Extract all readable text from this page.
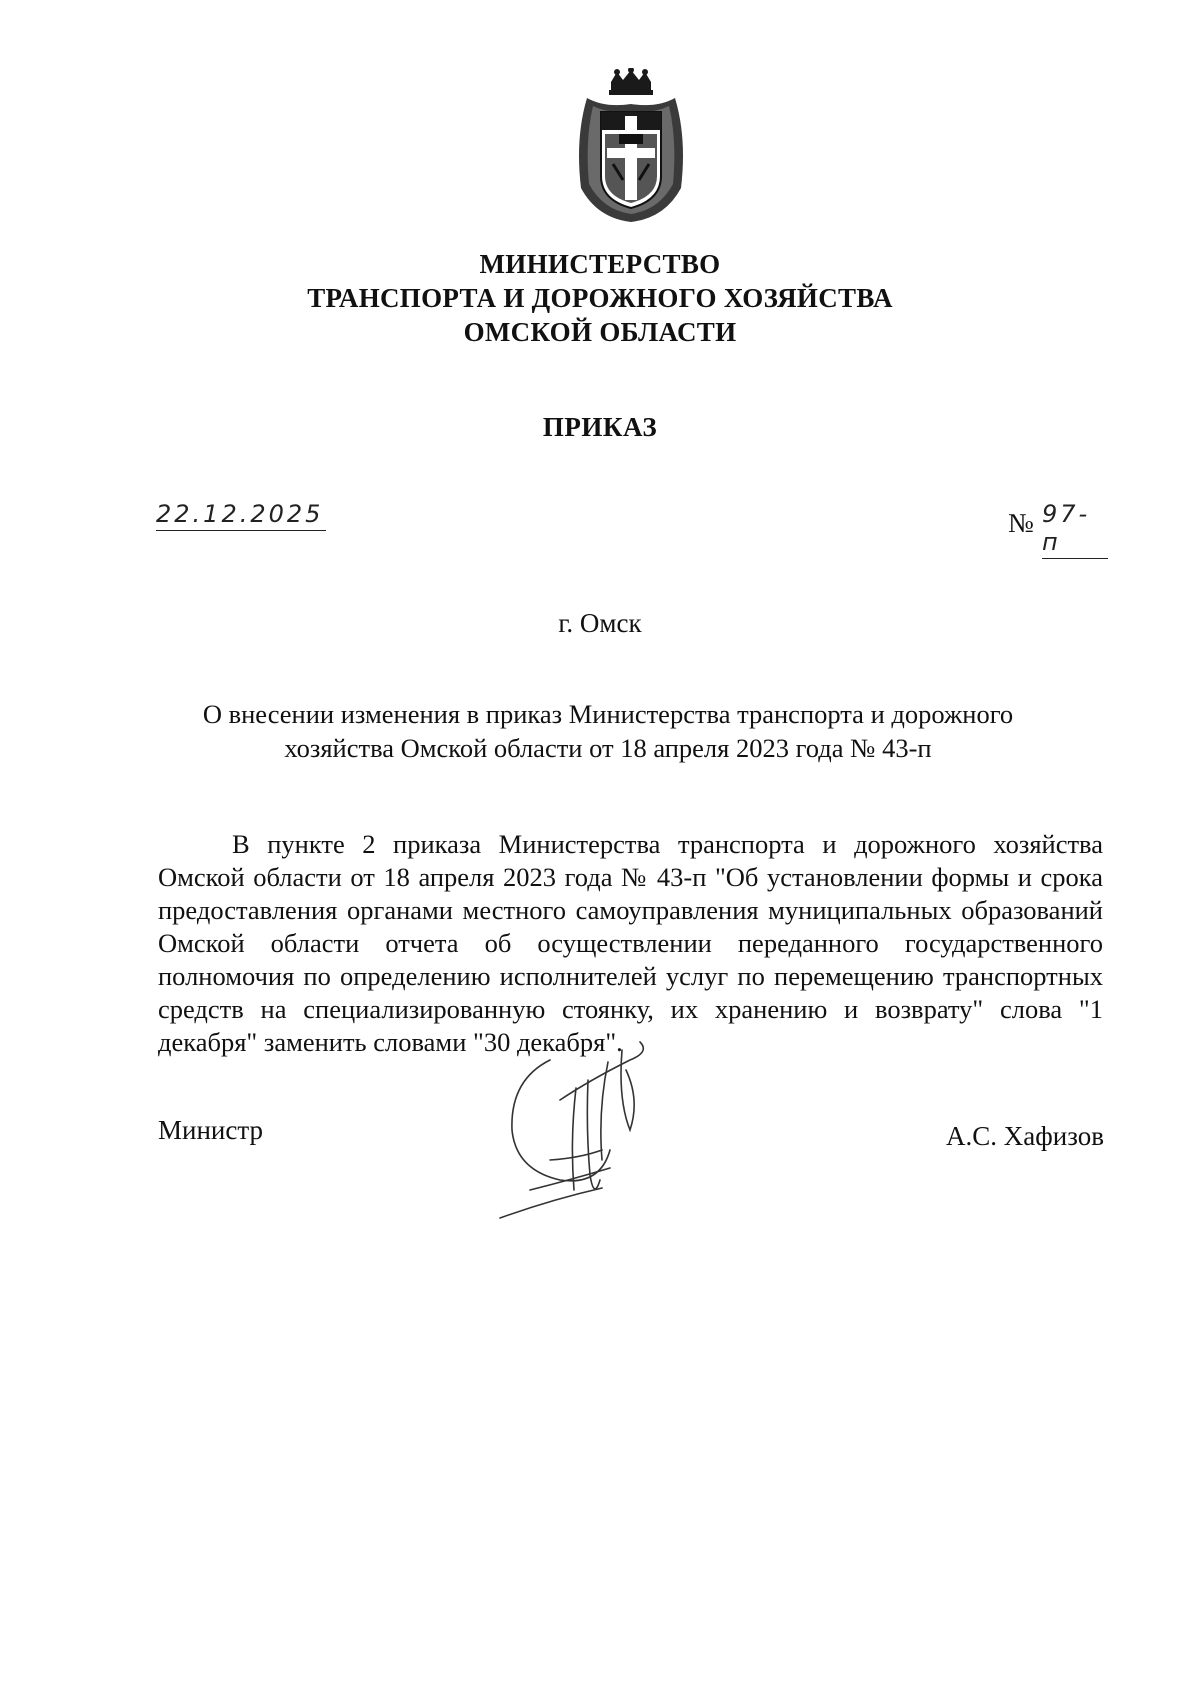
МИНИСТЕРСТВО
ТРАНСПОРТА И ДОРОЖНОГО ХОЗЯЙСТВА
ОМСКОЙ ОБЛАСТИ
ПРИКАЗ
22.12.2025	№ 97-п
г. Омск
О внесении изменения в приказ Министерства транспорта и дорожного хозяйства Омской области от 18 апреля 2023 года № 43-п
В пункте 2 приказа Министерства транспорта и дорожного хозяйства Омской области от 18 апреля 2023 года № 43-п "Об установлении формы и срока предоставления органами местного самоуправления муниципальных образований Омской области отчета об осуществлении переданного государственного полномочия по определению исполнителей услуг по перемещению транспортных средств на специализированную стоянку, их хранению и возврату" слова "1 декабря" заменить словами "30 декабря".
Министр	А.С. Хафизов
